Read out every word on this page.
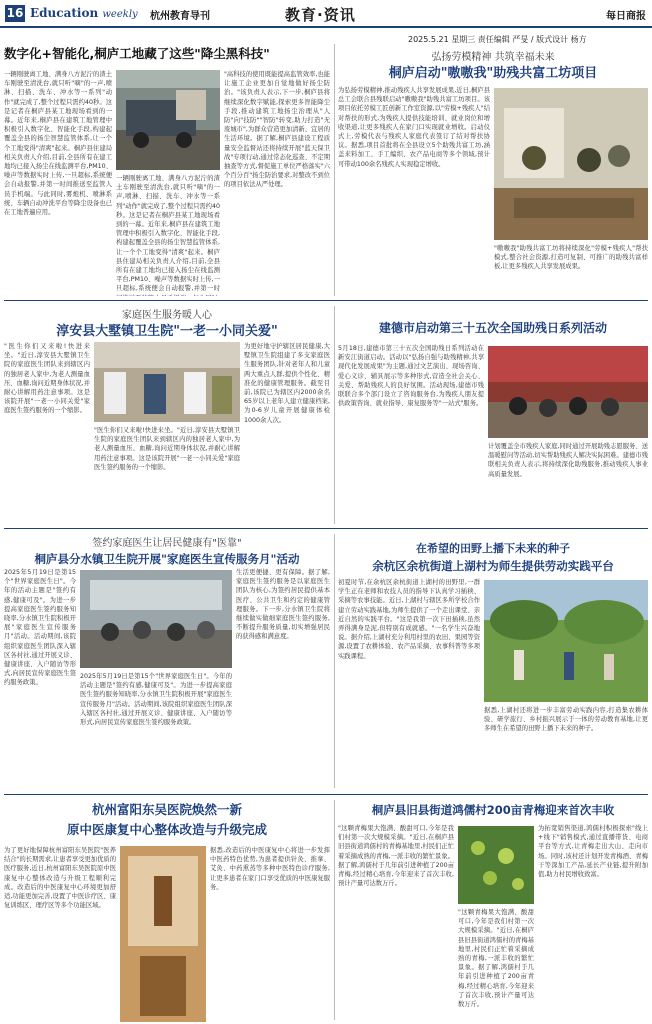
16 Education weekly 杭州教育导刊	教育·资讯	每日商报
2025.5.21 星期三 责任编辑 严旻 / 版式设计 杨方
数字化+智能化,桐庐工地藏了这些"降尘黑科技"
一辆刚驶离工地、满身八方泥泞的渣土车刚驶至清洗台,就只听"嘀"的一声,喷淋、扫描、洗车、冲水等一系列"动作"就完成了,整个过程只需约40秒。这是记者在桐庐县某工地现场看到的一幕。近年来,桐庐县在建筑工地管理中积极引入数字化、智能化手段,构建起覆盖全县的扬尘智慧监管体系,让一个个工地变得"清爽"起来。桐庐县住建局相关负责人介绍,目前,全县所有在建工地均已接入扬尘在线监测平台,PM10、噪声等数据实时上传,一旦超标,系统便会自动报警,并第一时间推送至监管人员手机端。与此同时,雾炮机、喷淋系统、车辆自动冲洗平台等降尘设备也已在工地普遍应用。
"高科技的使用既能提高监管效率,也能让施工企业更加自觉地做好扬尘防治。"该负责人表示,下一步,桐庐县将继续深化数字赋能,探索更多智能降尘手段,推动建筑工地扬尘治理从"人防"向"技防""智防"转变,助力打造"无废城市",为群众营造更加清新、宜居的生活环境。据了解,桐庐县建设工程质量安全监督站还将持续开展"蓝天保卫战"专项行动,通过常态化巡查、不定期抽查等方式,督促施工单位严格落实"六个百分百"扬尘防治要求,对整改不到位的项目依法从严处理。
一辆刚驶离工地、满身八方泥泞的渣土车刚驶至清洗台,就只听"嘀"的一声,喷淋、扫描、洗车、冲水等一系列"动作"就完成了,整个过程只需约40秒。这是记者在桐庐县某工地现场看到的一幕。近年来,桐庐县在建筑工地管理中积极引入数字化、智能化手段,构建起覆盖全县的扬尘智慧监管体系,让一个个工地变得"清爽"起来。桐庐县住建局相关负责人介绍,目前,全县所有在建工地均已接入扬尘在线监测平台,PM10、噪声等数据实时上传,一旦超标,系统便会自动报警,并第一时
弘扬劳模精神 共筑幸福未来
桐庐启动"嗷嗷我"助残共富工坊项目
为弘扬劳模精神,推动残疾人共享发展成果,近日,桐庐县总工会联合县残联启动"嗷嗷我"助残共富工坊项目。该项目依托劳模工匠创新工作室资源,以"劳模+残疾人"结对帮扶的形式,为残疾人提供技能培训、就业岗位和增收渠道,让更多残疾人在家门口实现就业增收。启动仪式上,劳模代表与残疾人家庭代表签订了结对帮扶协议。据悉,项目首批将在全县设立5个助残共富工坊,涵盖来料加工、手工编织、农产品电商等多个领域,预计可带动100余名残疾人实现稳定增收。
"嗷嗷我"助残共富工坊将持续深化"劳模+残疾人"帮扶模式,整合社会资源,打造可复制、可推广的助残共富样板,让更多残疾人共享发展成果。
家庭医生服务暖人心
淳安县大墅镇卫生院"一老一小同关爱"
"医生你们又来啦!快进来坐。"近日,淳安县大墅镇卫生院的家庭医生团队来到辖区内的独居老人家中,为老人测量血压、血糖,询问近期身体状况,并耐心讲解用药注意事项。这是该院开展"一老一小同关爱"家庭医生签约服务的一个缩影。
为更好地守护辖区居民健康,大墅镇卫生院组建了多支家庭医生服务团队,针对老年人和儿童两大重点人群,提供个性化、精准化的健康管理服务。截至目前,该院已为辖区内2000余名65岁以上老年人建立健康档案,为0-6岁儿童开展健康体检1000余人次。
"医生你们又来啦!快进来坐。"近日,淳安县大墅镇卫生院的家庭医生团队来到辖区内的独居老人家中,为老人测量血压、血糖,询问近期身体状况,并耐心讲解用药注意事项。这是该院开展"一老一小同关爱"家庭医生签约服务的一个缩影。
建德市启动第三十五次全国助残日系列活动
5月18日,建德市第三十五次全国助残日系列活动在新安江街道启动。活动以"弘扬自强与助残精神,共享现代化发展成果"为主题,通过文艺演出、现场咨询、爱心义诊、辅具展示等多种形式,营造全社会关心、关爱、帮助残疾人的良好氛围。活动现场,建德市残联联合多个部门设立了咨询服务台,为残疾人朋友提供政策咨询、就业指导、康复服务等"一站式"服务。
计划覆盖全市残疾人家庭,同时通过开展助残志愿服务、送温暖慰问等活动,切实帮助残疾人解决实际困难。建德市残联相关负责人表示,将持续深化助残服务,推动残疾人事业高质量发展。
签约家庭医生让居民健康有"医靠"
桐庐县分水镇卫生院开展"家庭医生宣传服务月"活动
2025年5月19日是第15个"世界家庭医生日"。今年的活动主题是"签约有感,健康可及"。为进一步提高家庭医生签约服务知晓率,分水镇卫生院积极开展"家庭医生宣传服务月"活动。活动期间,该院组织家庭医生团队深入辖区各村社,通过开展义诊、健康讲座、入户随访等形式,向居民宣传家庭医生签约服务政策。
生活更便捷、更有保障。据了解,家庭医生签约服务是以家庭医生团队为核心,为签约居民提供基本医疗、公共卫生和约定的健康管理服务。下一步,分水镇卫生院将继续做实做细家庭医生签约服务,不断提升服务质量,切实增强居民的获得感和满意度。
2025年5月19日是第15个"世界家庭医生日"。今年的活动主题是"签约有感,健康可及"。为进一步提高家庭医生签约服务知晓率,分水镇卫生院积极开展"家庭医生宣传服务月"活动。活动期间,该院组织家庭医生团队深入辖区各村社,通过开展义诊、健康讲座、入户随访等形式,向居民宣传家庭医生签约服务政策。
在希望的田野上播下未来的种子
余杭区余杭街道上湖村为师生提供劳动实践平台
初夏时节,在余杭区余杭街道上湖村的田野里,一群学生正在老师和农技人员的指导下认真学习插秧、采摘等农事技能。近日,上湖村与辖区多所学校合作建立劳动实践基地,为师生提供了一个走出课堂、亲近自然的实践平台。"这是我第一次下田插秧,虽然弄得满身是泥,但特别有成就感。"一名学生兴奋地说。据介绍,上湖村充分利用村里的农田、果园等资源,设置了农耕体验、农产品采摘、农事科普等多项实践课程。
据悉,上湖村还将进一步丰富劳动实践内容,打造集农耕体验、研学旅行、乡村振兴展示于一体的劳动教育基地,让更多师生在希望的田野上播下未来的种子。
杭州富阳东吴医院焕然一新
原中医康复中心整体改造与升级完成
为了更好地保障杭州富阳东吴医院"医养结合"的长期需求,让患者享受更加优质的医疗服务,近日,杭州富阳东吴医院原中医康复中心整体改造与升级工程顺利完成。改造后的中医康复中心环境更加舒适,功能更加完善,设置了中医诊疗区、康复训练区、理疗区等多个功能区域。
据悉,改造后的中医康复中心将进一步发挥中医药特色优势,为患者提供针灸、推拿、艾灸、中药熏蒸等多种中医特色诊疗服务,让更多患者在家门口享受优质的中医康复服务。
桐庐县旧县街道鸿儒村200亩青梅迎来首次丰收
"这颗青梅果大饱满、酸甜可口,今年是我们村第一次大规模采摘。"近日,在桐庐县旧县街道鸿儒村的青梅基地里,村民们正忙着采摘成熟的青梅,一派丰收的繁忙景象。据了解,鸿儒村于几年前引进种植了200亩青梅,经过精心培育,今年迎来了首次丰收,预计产量可达数万斤。
"这颗青梅果大饱满、酸甜可口,今年是我们村第一次大规模采摘。"近日,在桐庐县旧县街道鸿儒村的青梅基地里,村民们正忙着采摘成熟的青梅,一派丰收的繁忙景象。据了解,鸿儒村于几年前引进种植了200亩青梅,经过精心培育,今年迎来了首次丰收,预计产量可达数万斤。
为拓宽销售渠道,鸿儒村积极探索"线上+线下"销售模式,通过直播带货、电商平台等方式,让青梅走出大山、走向市场。同时,该村还计划开发青梅酒、青梅干等深加工产品,延长产业链,提升附加值,助力村民增收致富。
